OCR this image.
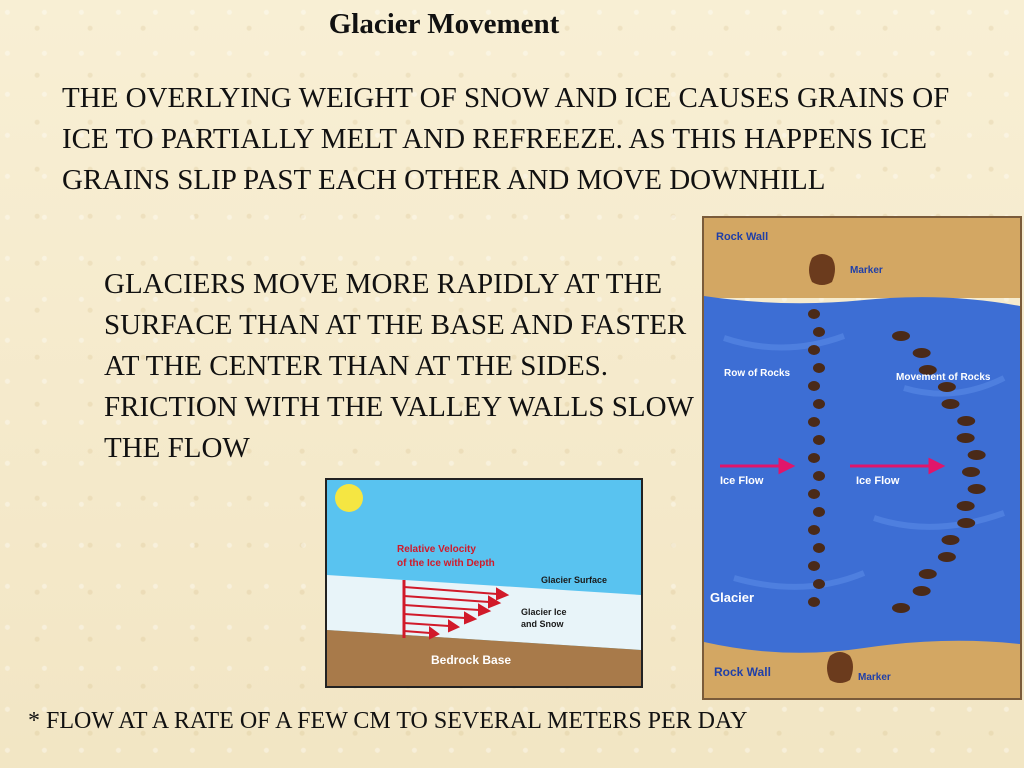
Glacier Movement
THE OVERLYING WEIGHT OF SNOW AND ICE CAUSES GRAINS OF ICE TO PARTIALLY MELT AND REFREEZE. AS THIS HAPPENS ICE GRAINS SLIP PAST EACH OTHER AND MOVE DOWNHILL
GLACIERS MOVE MORE RAPIDLY AT THE SURFACE THAN AT THE BASE AND FASTER AT THE CENTER THAN AT THE SIDES. FRICTION WITH THE VALLEY WALLS SLOW THE FLOW
Relative Velocity
of the Ice with Depth
Glacier Surface
Glacier Ice
and Snow
Bedrock Base
Rock Wall
Marker
Row of Rocks	Movement of Rocks
Ice Flow	Ice Flow
Glacier
Rock Wall	Marker
* FLOW AT A RATE OF A FEW CM TO SEVERAL METERS PER DAY
